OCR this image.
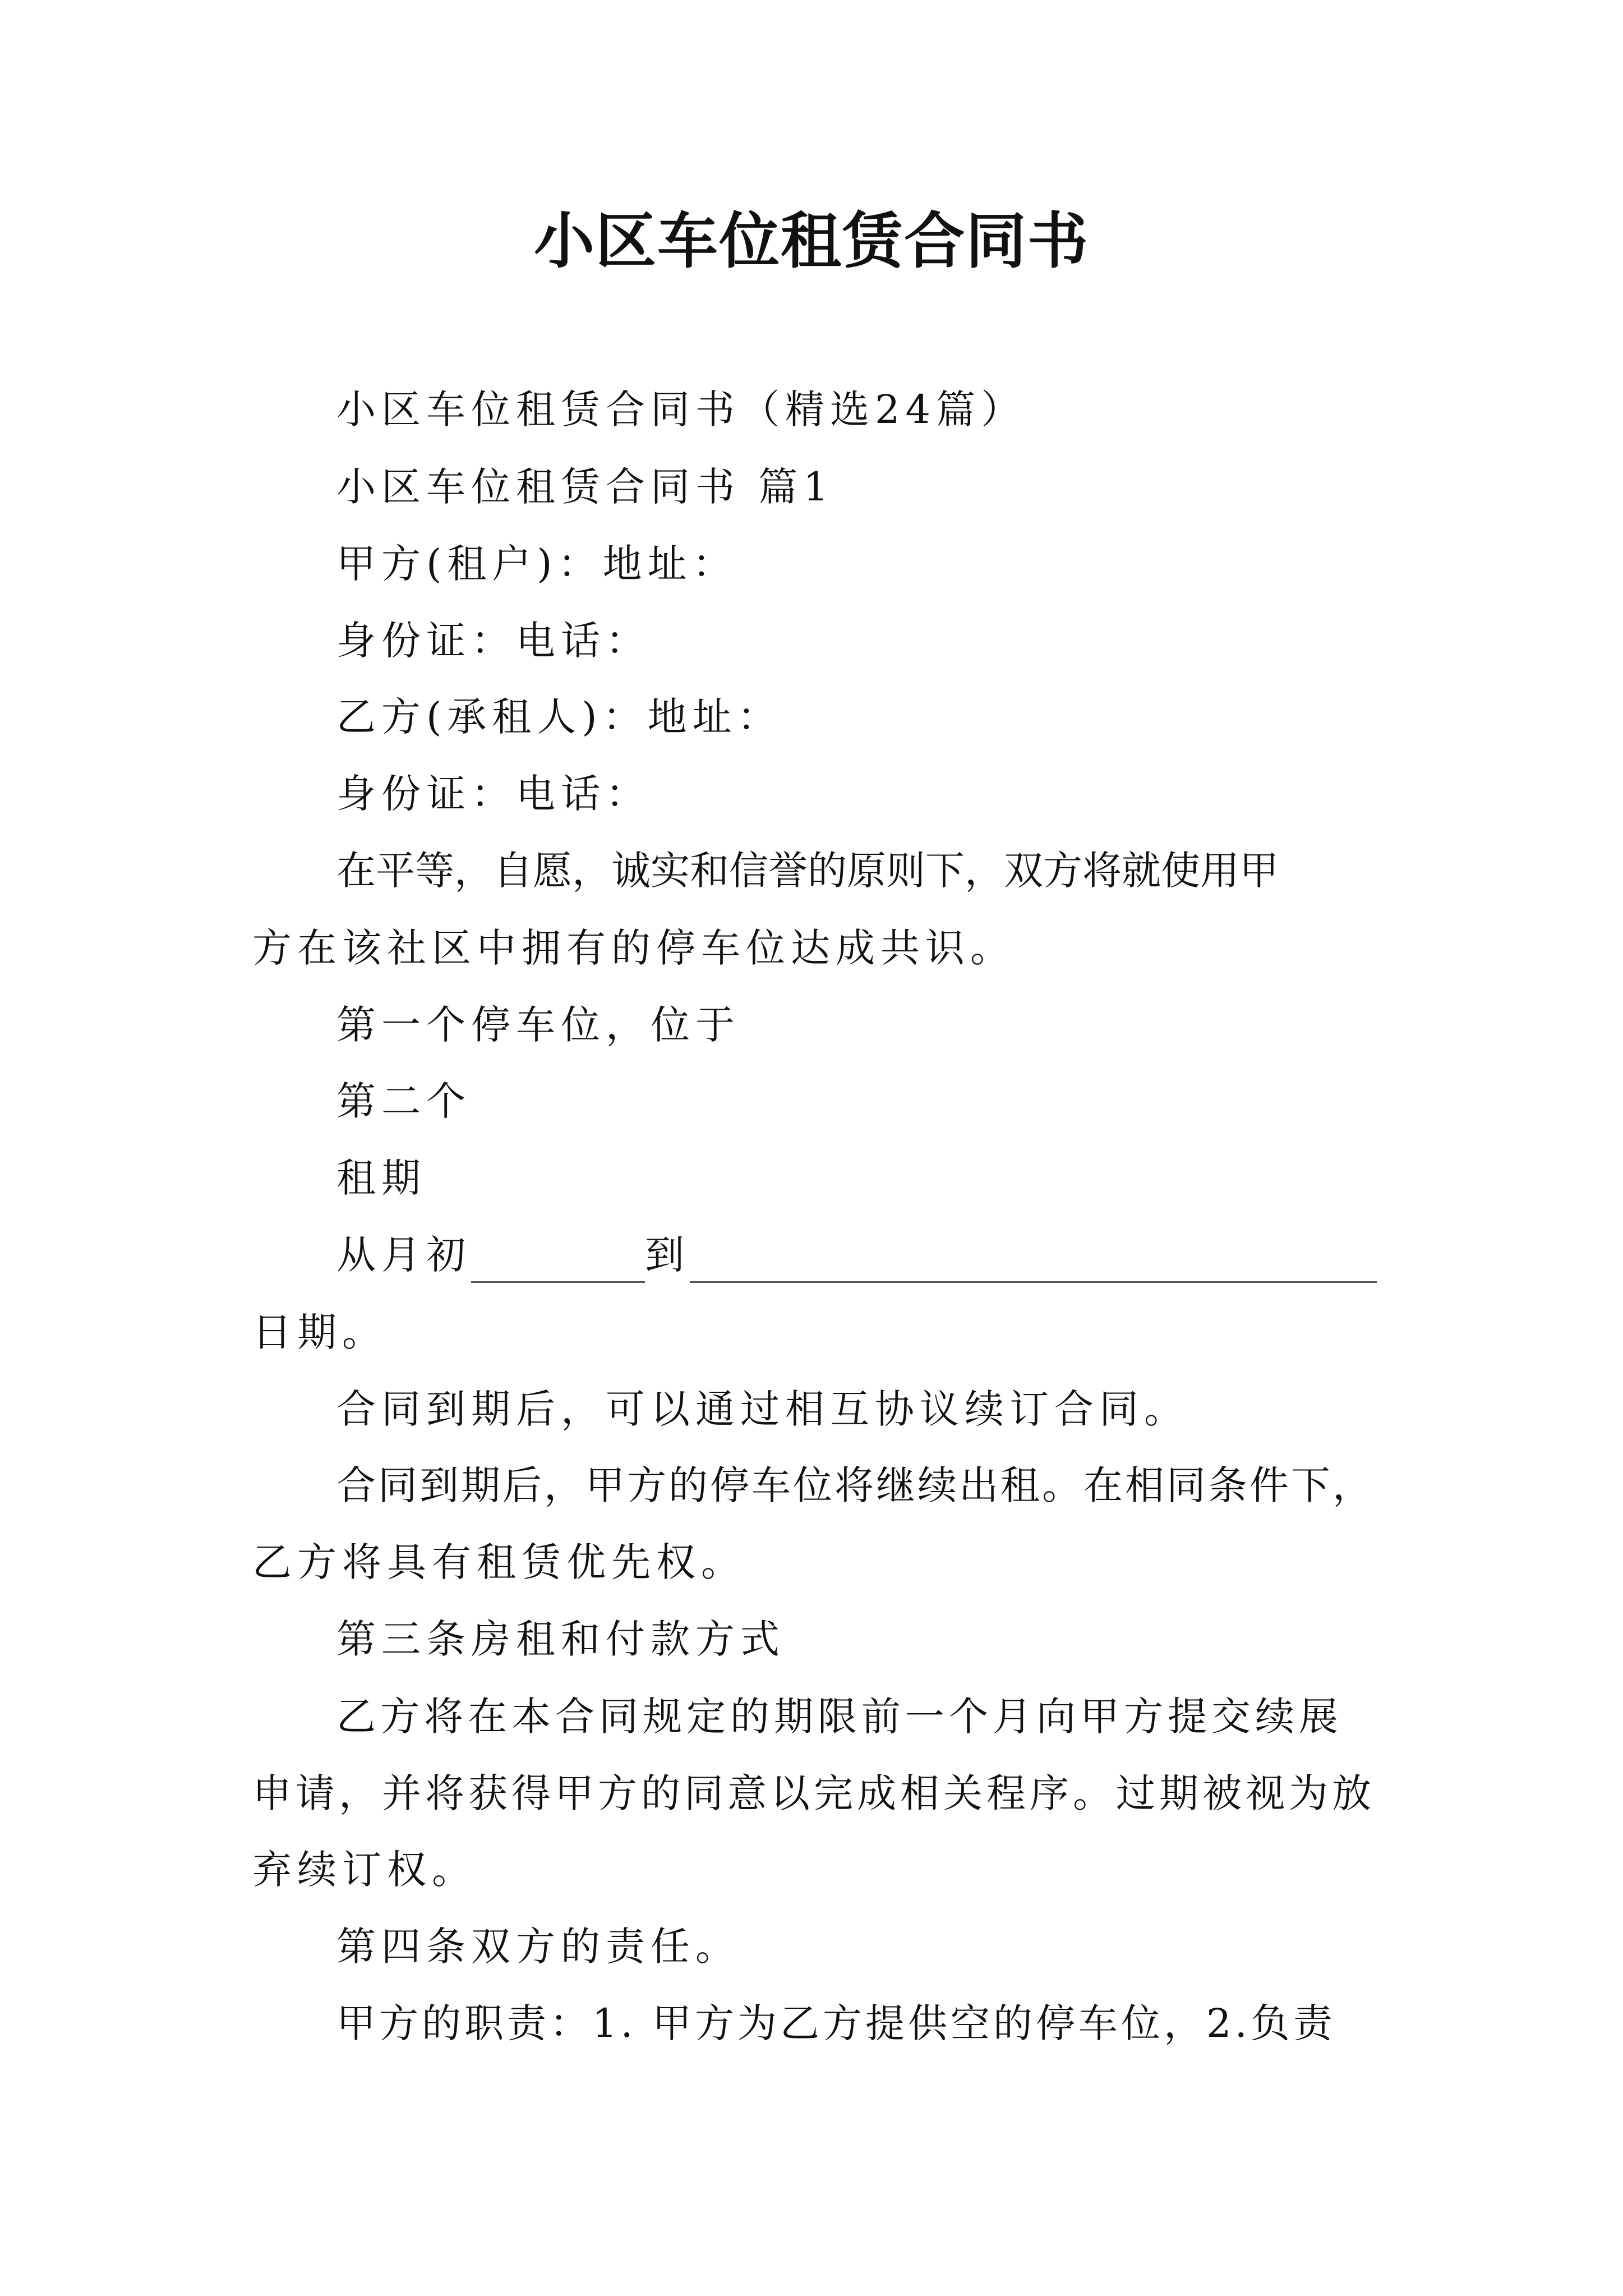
小区车位租赁合同书
小区车位租赁合同书（精选24篇）
小区车位租赁合同书 篇1
甲方(租户)：地址：
身份证：电话：
乙方(承租人)：地址：
身份证：电话：
在平等，自愿，诚实和信誉的原则下，双方将就使用甲
方在该社区中拥有的停车位达成共识。
第一个停车位，位于
第二个
租期
从月初	到
日期。
合同到期后，可以通过相互协议续订合同。
合同到期后，甲方的停车位将继续出租。在相同条件下，
乙方将具有租赁优先权。
第三条房租和付款方式
乙方将在本合同规定的期限前一个月向甲方提交续展
申请，并将获得甲方的同意以完成相关程序。过期被视为放
弃续订权。
第四条双方的责任。
甲方的职责：1. 甲方为乙方提供空的停车位，2.负责
